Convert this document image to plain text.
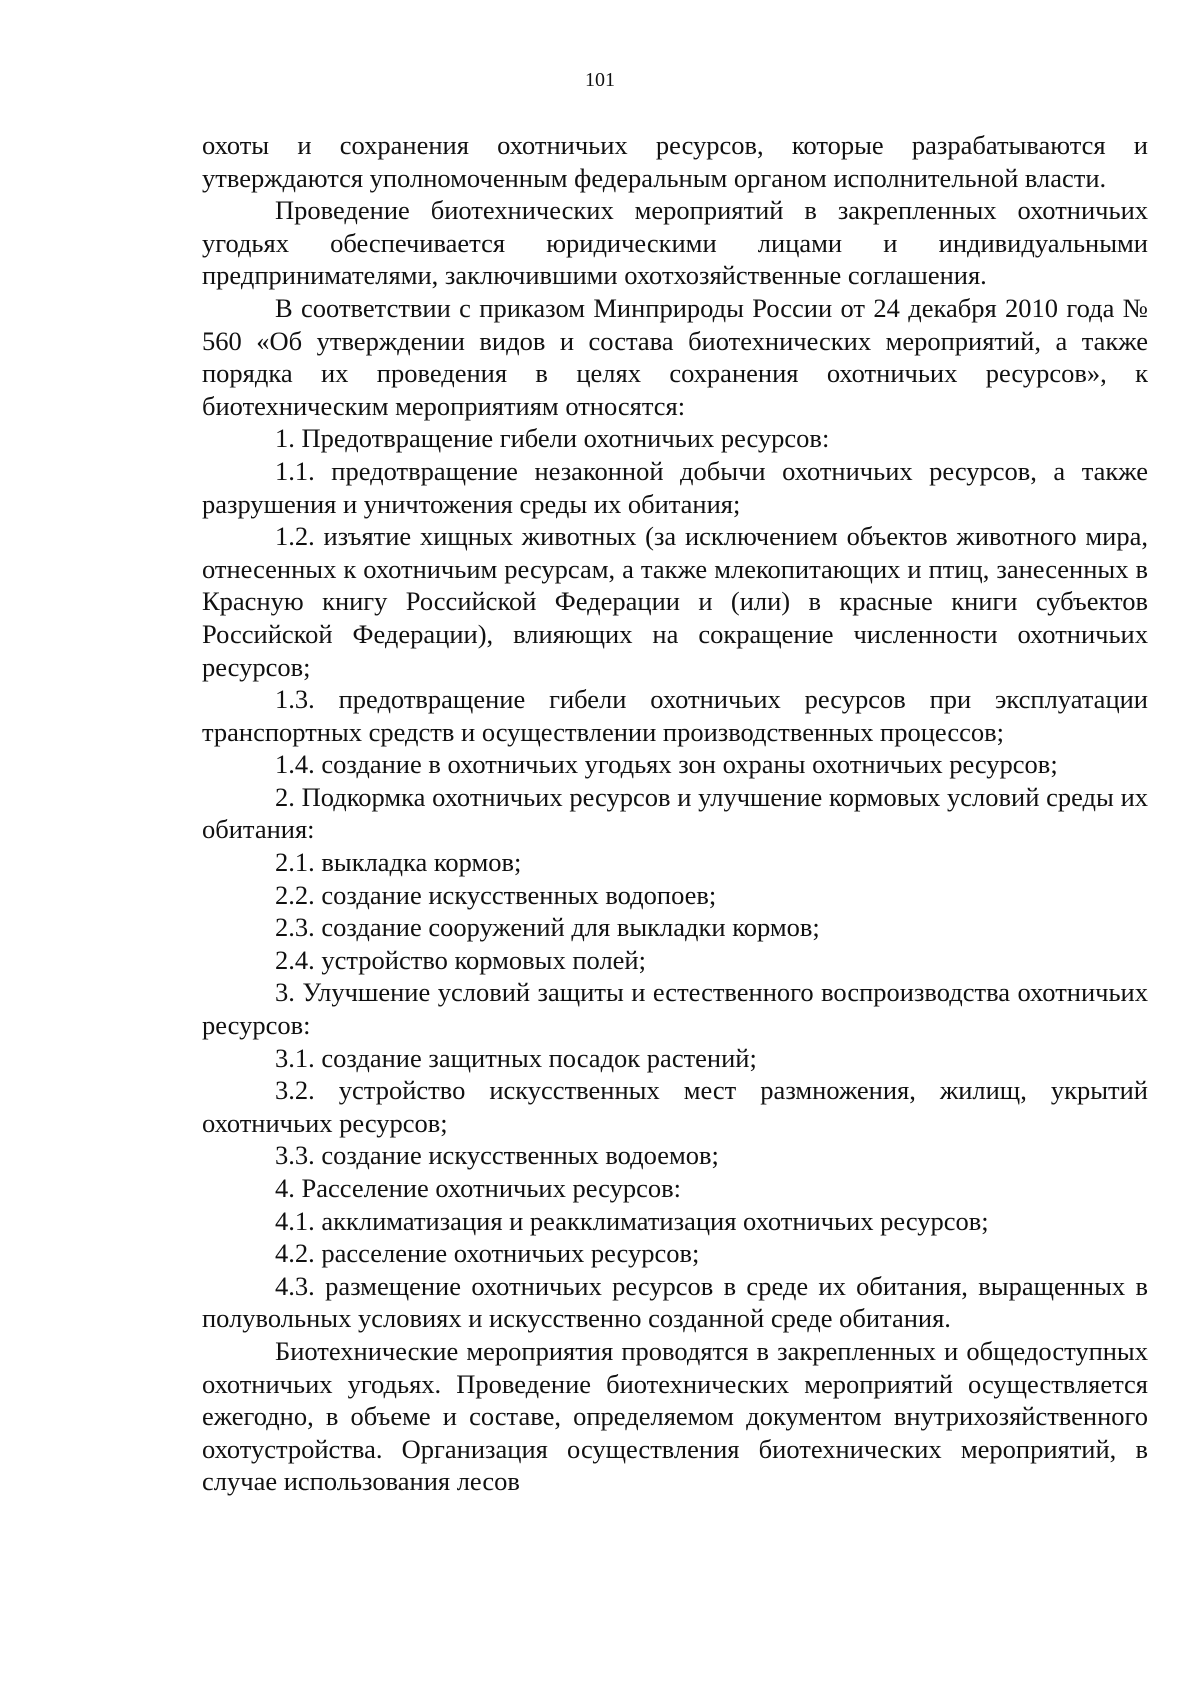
101

охоты и сохранения охотничьих ресурсов, которые разрабатываются и утверждаются уполномоченным федеральным органом исполнительной власти.

Проведение биотехнических мероприятий в закрепленных охотничьих угодьях обеспечивается юридическими лицами и индивидуальными предпринимателями, заключившими охотхозяйственные соглашения.

В соответствии с приказом Минприроды России от 24 декабря 2010 года № 560 «Об утверждении видов и состава биотехнических мероприятий, а также порядка их проведения в целях сохранения охотничьих ресурсов», к биотехническим мероприятиям относятся:

1. Предотвращение гибели охотничьих ресурсов:

1.1. предотвращение незаконной добычи охотничьих ресурсов, а также разрушения и уничтожения среды их обитания;

1.2. изъятие хищных животных (за исключением объектов животного мира, отнесенных к охотничьим ресурсам, а также млекопитающих и птиц, занесенных в Красную книгу Российской Федерации и (или) в красные книги субъектов Российской Федерации), влияющих на сокращение численности охотничьих ресурсов;

1.3. предотвращение гибели охотничьих ресурсов при эксплуатации транспортных средств и осуществлении производственных процессов;

1.4. создание в охотничьих угодьях зон охраны охотничьих ресурсов;

2. Подкормка охотничьих ресурсов и улучшение кормовых условий среды их обитания:

2.1. выкладка кормов;

2.2. создание искусственных водопоев;

2.3. создание сооружений для выкладки кормов;

2.4. устройство кормовых полей;

3. Улучшение условий защиты и естественного воспроизводства охотничьих ресурсов:

3.1. создание защитных посадок растений;

3.2. устройство искусственных мест размножения, жилищ, укрытий охотничьих ресурсов;

3.3. создание искусственных водоемов;

4. Расселение охотничьих ресурсов:

4.1. акклиматизация и реакклиматизация охотничьих ресурсов;

4.2. расселение охотничьих ресурсов;

4.3. размещение охотничьих ресурсов в среде их обитания, выращенных в полувольных условиях и искусственно созданной среде обитания.

Биотехнические мероприятия проводятся в закрепленных и общедоступных охотничьих угодьях. Проведение биотехнических мероприятий осуществляется ежегодно, в объеме и составе, определяемом документом внутрихозяйственного охотустройства. Организация осуществления биотехнических мероприятий, в случае использования лесов
